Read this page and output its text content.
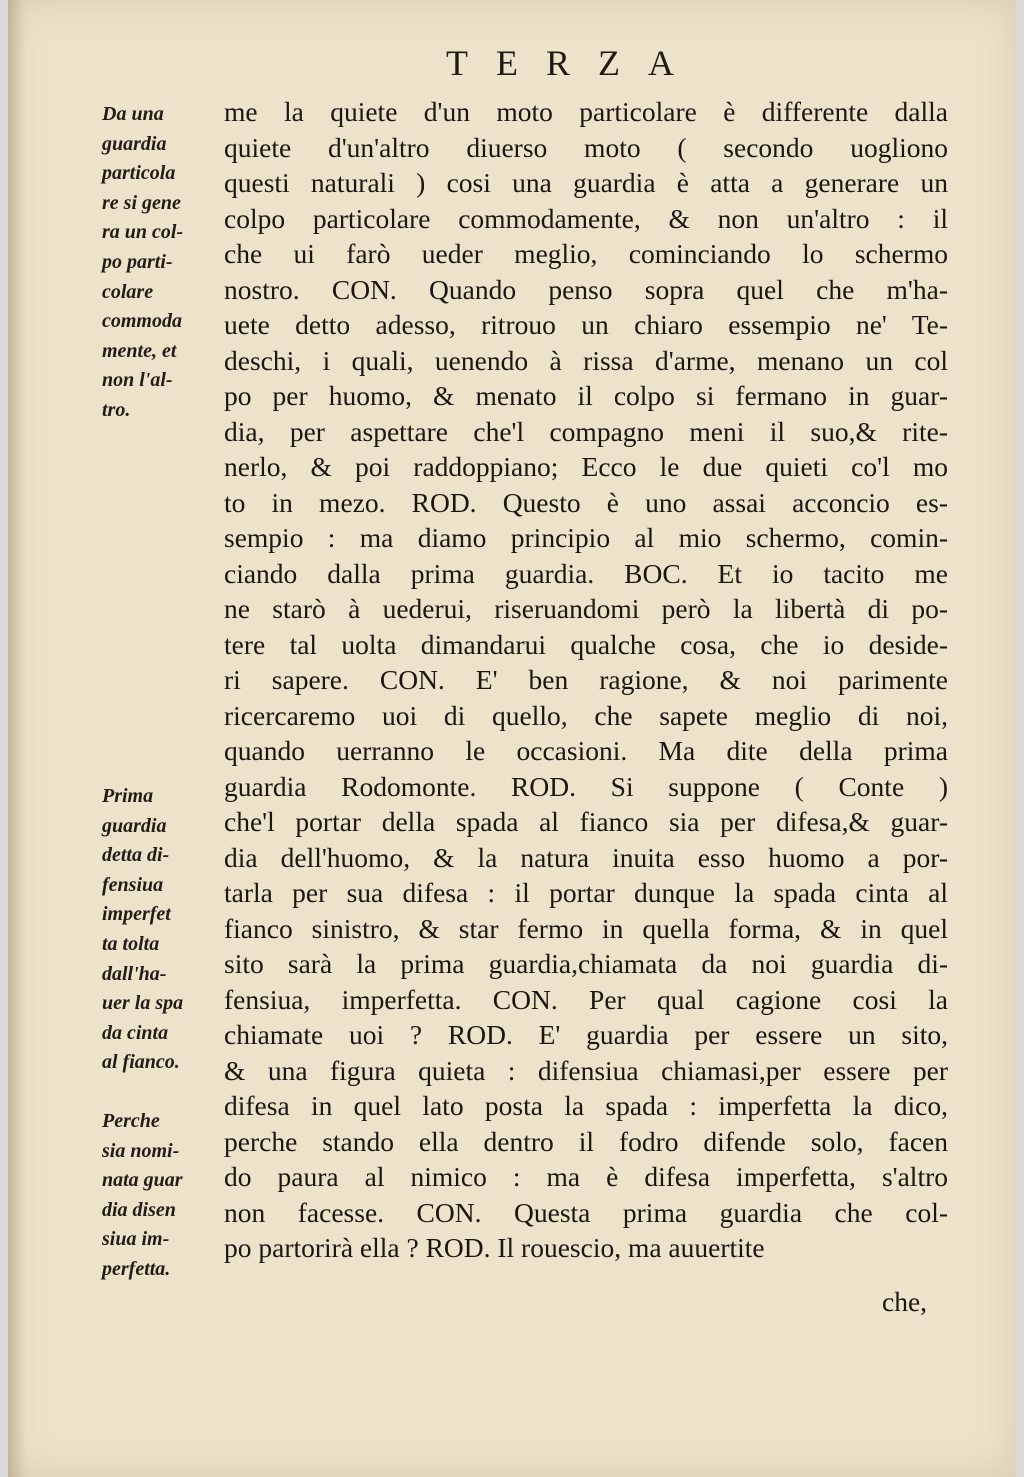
TERZA
Da una
guardia
particola
re si gene
ra un col-
po parti-
colare
commoda
mente, et
non l'al-
tro.
Prima
guardia
detta di-
fensiua
imperfet
ta tolta
dall'ha-
uer la spa
da cinta
al fianco.
Perche
sia nomi-
nata guar
dia disen
siua im-
perfetta.
me la quiete d'un moto particolare è differente dalla
quiete d'un'altro diuerso moto ( secondo uogliono
questi naturali ) cosi una guardia è atta a generare un
colpo particolare commodamente, & non un'altro : il
che ui farò ueder meglio, cominciando lo schermo
nostro. CON. Quando penso sopra quel che m'ha-
uete detto adesso, ritrouo un chiaro essempio ne' Te-
deschi, i quali, uenendo à rissa d'arme, menano un col
po per huomo, & menato il colpo si fermano in guar-
dia, per aspettare che'l compagno meni il suo,& rite-
nerlo, & poi raddoppiano; Ecco le due quieti co'l mo
to in mezo. ROD. Questo è uno assai acconcio es-
sempio : ma diamo principio al mio schermo, comin-
ciando dalla prima guardia. BOC. Et io tacito me
ne starò à uederui, riseruandomi però la libertà di po-
tere tal uolta dimandarui qualche cosa, che io deside-
ri sapere. CON. E' ben ragione, & noi parimente
ricercaremo uoi di quello, che sapete meglio di noi,
quando uerranno le occasioni. Ma dite della prima
guardia Rodomonte. ROD. Si suppone ( Conte )
che'l portar della spada al fianco sia per difesa,& guar-
dia dell'huomo, & la natura inuita esso huomo a por-
tarla per sua difesa : il portar dunque la spada cinta al
fianco sinistro, & star fermo in quella forma, & in quel
sito sarà la prima guardia,chiamata da noi guardia di-
fensiua, imperfetta. CON. Per qual cagione cosi la
chiamate uoi ? ROD. E' guardia per essere un sito,
& una figura quieta : difensiua chiamasi,per essere per
difesa in quel lato posta la spada : imperfetta la dico,
perche stando ella dentro il fodro difende solo, facen
do paura al nimico : ma è difesa imperfetta, s'altro
non facesse. CON. Questa prima guardia che col-
po partorirà ella ? ROD. Il rouescio, ma auuertite
che,
